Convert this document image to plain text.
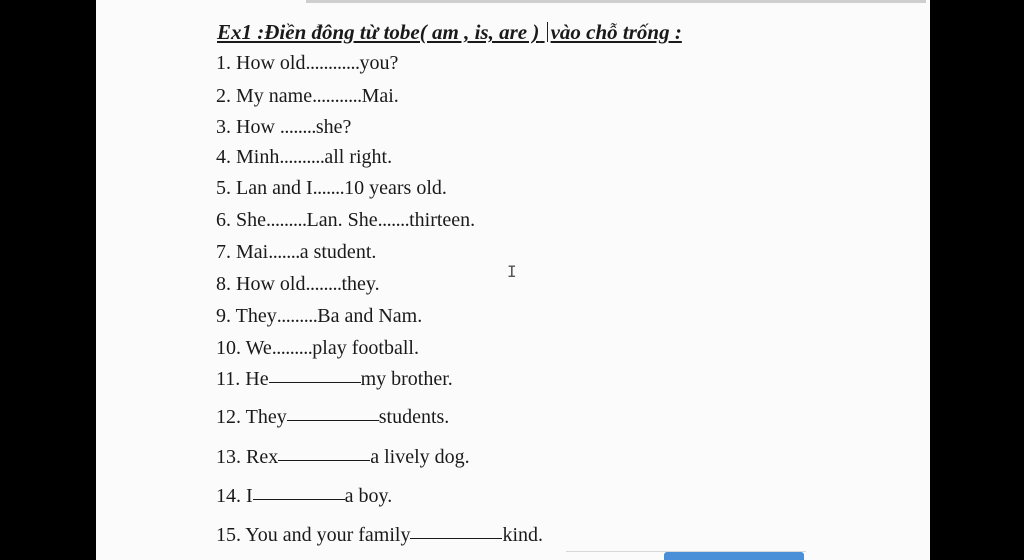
Ex1 :Điền đông từ tobe( am , is, are ) vào chỗ trống :
1. How old............you?
2. My name...........Mai.
3. How ........she?
4. Minh..........all right.
5. Lan and I.......10 years old.
6. She.........Lan. She.......thirteen.
7. Mai.......a student.
8. How old........they.
9. They.........Ba and Nam.
10. We.........play football.
11. He	my brother.
12. They	students.
13. Rex	a lively dog.
14. I	a boy.
15. You and your family	kind.
I
